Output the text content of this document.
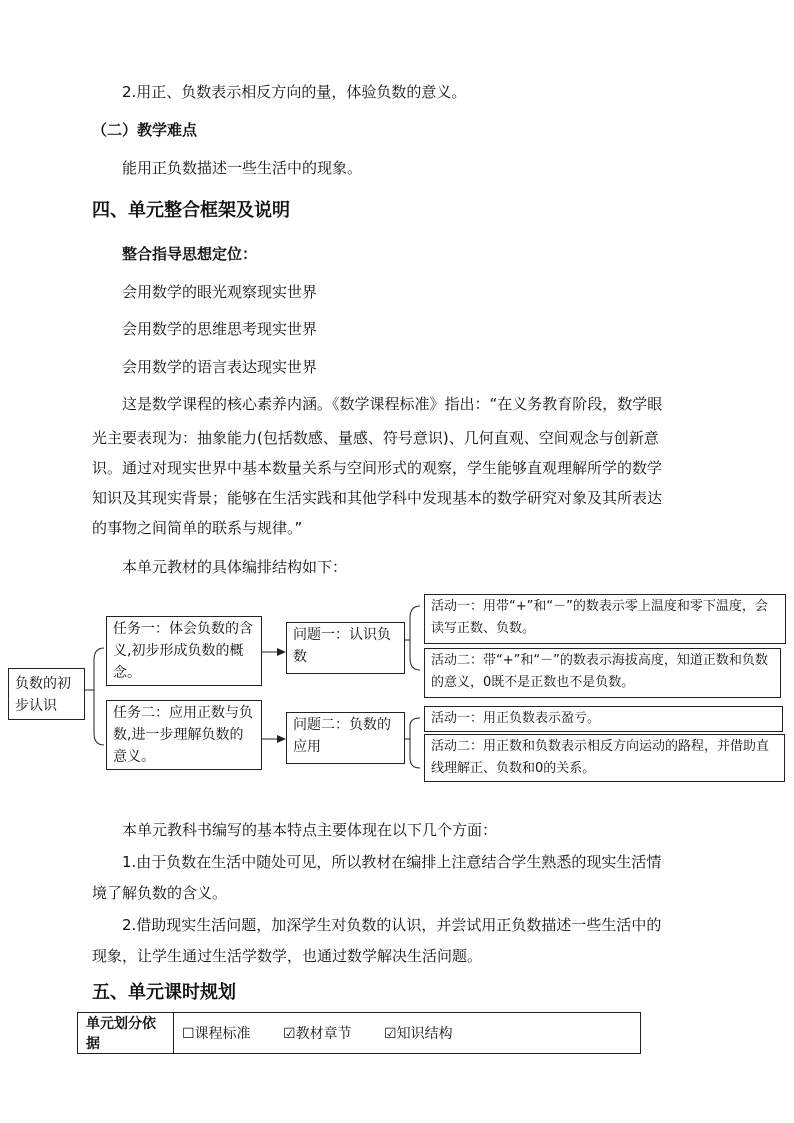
2.用正、负数表示相反方向的量，体验负数的意义。
（二）教学难点
能用正负数描述一些生活中的现象。
四、单元整合框架及说明
整合指导思想定位：
会用数学的眼光观察现实世界
会用数学的思维思考现实世界
会用数学的语言表达现实世界
这是数学课程的核心素养内涵。《数学课程标准》指出：“在义务教育阶段，数学眼
光主要表现为：抽象能力(包括数感、量感、符号意识)、几何直观、空间观念与创新意
识。通过对现实世界中基本数量关系与空间形式的观察，学生能够直观理解所学的数学
知识及其现实背景；能够在生活实践和其他学科中发现基本的数学研究对象及其所表达
的事物之间简单的联系与规律。”
本单元教材的具体编排结构如下：
负数的初步认识
任务一：体会负数的含义,初步形成负数的概念。
任务二：应用正数与负数,进一步理解负数的意义。
问题一：认识负数
问题二：负数的应用
活动一：用带“+”和“－”的数表示零上温度和零下温度，会读写正数、负数。
活动二：带“+”和“－”的数表示海拔高度，知道正数和负数的意义，0既不是正数也不是负数。
活动一：用正负数表示盈亏。
活动二：用正数和负数表示相反方向运动的路程，并借助直线理解正、负数和0的关系。
本单元教科书编写的基本特点主要体现在以下几个方面：
1.由于负数在生活中随处可见，所以教材在编排上注意结合学生熟悉的现实生活情
境了解负数的含义。
2.借助现实生活问题，加深学生对负数的认识，并尝试用正负数描述一些生活中的
现象，让学生通过生活学数学，也通过数学解决生活问题。
五、单元课时规划
单元划分依据	☐课程标准 ☑教材章节 ☑知识结构
